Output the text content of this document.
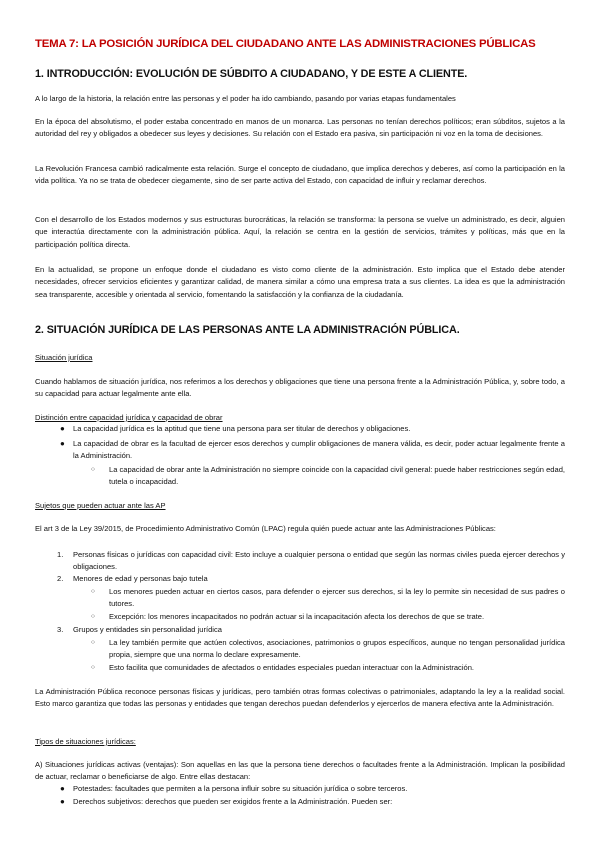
TEMA 7: LA POSICIÓN JURÍDICA DEL CIUDADANO ANTE LAS ADMINISTRACIONES PÚBLICAS
1. INTRODUCCIÓN: EVOLUCIÓN DE SÚBDITO A CIUDADANO, Y DE ESTE A CLIENTE.

A lo largo de la historia, la relación entre las personas y el poder ha ido cambiando, pasando por varias etapas fundamentales

En la época del absolutismo, el poder estaba concentrado en manos de un monarca. Las personas no tenían derechos políticos; eran súbditos, sujetos a la autoridad del rey y obligados a obedecer sus leyes y decisiones. Su relación con el Estado era pasiva, sin participación ni voz en la toma de decisiones.

La Revolución Francesa cambió radicalmente esta relación. Surge el concepto de ciudadano, que implica derechos y deberes, así como la participación en la vida política. Ya no se trata de obedecer ciegamente, sino de ser parte activa del Estado, con capacidad de influir y reclamar derechos.

Con el desarrollo de los Estados modernos y sus estructuras burocráticas, la relación se transforma: la persona se vuelve un administrado, es decir, alguien que interactúa directamente con la administración pública. Aquí, la relación se centra en la gestión de servicios, trámites y políticas, más que en la participación política directa.

En la actualidad, se propone un enfoque donde el ciudadano es visto como cliente de la administración. Esto implica que el Estado debe atender necesidades, ofrecer servicios eficientes y garantizar calidad, de manera similar a cómo una empresa trata a sus clientes. La idea es que la administración sea transparente, accesible y orientada al servicio, fomentando la satisfacción y la confianza de la ciudadanía.

2. SITUACIÓN JURÍDICA DE LAS PERSONAS ANTE LA ADMINISTRACIÓN PÚBLICA.
Situación jurídica

Cuando hablamos de situación jurídica, nos referimos a los derechos y obligaciones que tiene una persona frente a la Administración Pública, y, sobre todo, a su capacidad para actuar legalmente ante ella.

Distinción entre capacidad jurídica y capacidad de obrar
● La capacidad jurídica es la aptitud que tiene una persona para ser titular de derechos y obligaciones.
● La capacidad de obrar es la facultad de ejercer esos derechos y cumplir obligaciones de manera válida, es decir, poder actuar legalmente frente a la Administración.
○ La capacidad de obrar ante la Administración no siempre coincide con la capacidad civil general: puede haber restricciones según edad, tutela o incapacidad.
Sujetos que pueden actuar ante las AP

El art 3 de la Ley 39/2015, de Procedimiento Administrativo Común (LPAC) regula quién puede actuar ante las Administraciones Públicas:

1. Personas físicas o jurídicas con capacidad civil: Esto incluye a cualquier persona o entidad que según las normas civiles pueda ejercer derechos y obligaciones.
2. Menores de edad y personas bajo tutela
○ Los menores pueden actuar en ciertos casos, para defender o ejercer sus derechos, si la ley lo permite sin necesidad de sus padres o tutores.
○ Excepción: los menores incapacitados no podrán actuar si la incapacitación afecta los derechos de que se trate.
3. Grupos y entidades sin personalidad jurídica
○ La ley también permite que actúen colectivos, asociaciones, patrimonios o grupos específicos, aunque no tengan personalidad jurídica propia, siempre que una norma lo declare expresamente.
○ Esto facilita que comunidades de afectados o entidades especiales puedan interactuar con la Administración.

La Administración Pública reconoce personas físicas y jurídicas, pero también otras formas colectivas o patrimoniales, adaptando la ley a la realidad social. Esto marco garantiza que todas las personas y entidades que tengan derechos puedan defenderlos y ejercerlos de manera efectiva ante la Administración.

Tipos de situaciones jurídicas:

A) Situaciones jurídicas activas (ventajas): Son aquellas en las que la persona tiene derechos o facultades frente a la Administración. Implican la posibilidad de actuar, reclamar o beneficiarse de algo. Entre ellas destacan:

● Potestades: facultades que permiten a la persona influir sobre su situación jurídica o sobre terceros.
● Derechos subjetivos: derechos que pueden ser exigidos frente a la Administración. Pueden ser:
